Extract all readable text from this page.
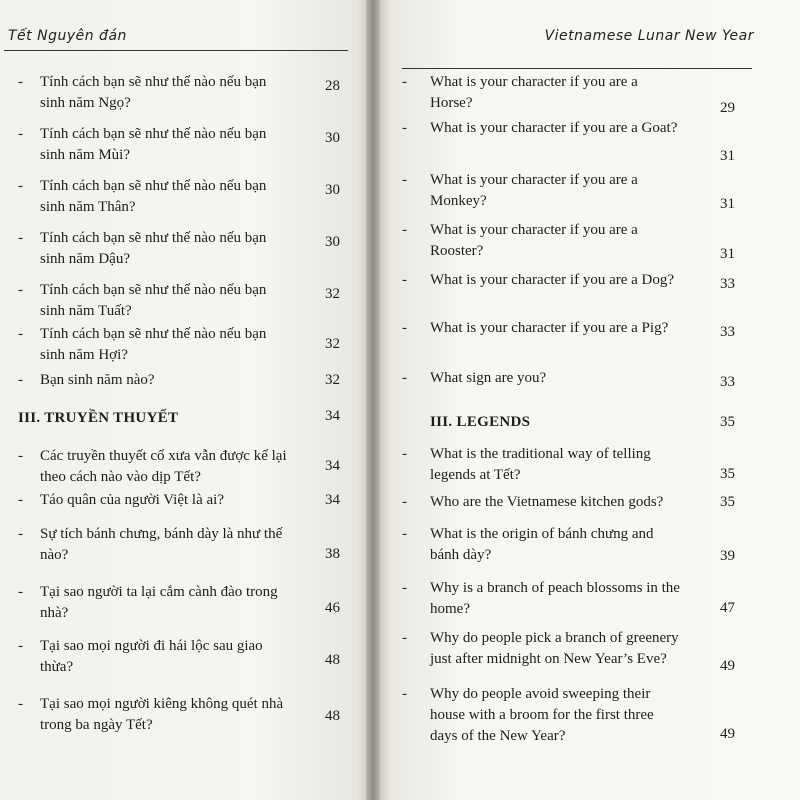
Tết Nguyên đán	Vietnamese Lunar New Year
- Tính cách bạn sẽ như thế nào nếu bạn
sinh năm Ngọ?
28
- Tính cách bạn sẽ như thế nào nếu bạn
sinh năm Mùi?
30
- Tính cách bạn sẽ như thế nào nếu bạn
sinh năm Thân?
30
- Tính cách bạn sẽ như thế nào nếu bạn
sinh năm Dậu?
30
- Tính cách bạn sẽ như thế nào nếu bạn
sinh năm Tuất?
32
- Tính cách bạn sẽ như thế nào nếu bạn
sinh năm Hợi?
32
- Bạn sinh năm nào?	32
III. TRUYỀN THUYẾT	34
- Các truyền thuyết cổ xưa vẫn được kể lại
theo cách nào vào dịp Tết?
34
- Táo quân của người Việt là ai?	34
- Sự tích bánh chưng, bánh dày là như thế
nào?	38
- Tại sao người ta lại cắm cành đào trong
nhà?	46
- Tại sao mọi người đi hái lộc sau giao
thừa?	48
- Tại sao mọi người kiêng không quét nhà
trong ba ngày Tết?
48
- What is your character if you are a
Horse?	29
- What is your character if you are a Goat?
31
- What is your character if you are a
Monkey?	31
- What is your character if you are a
Rooster?	31
- What is your character if you are a Dog?	33
- What is your character if you are a Pig?	33
- What sign are you?	33
III. LEGENDS	35
- What is the traditional way of telling
legends at Tết?	35
- Who are the Vietnamese kitchen gods?	35
- What is the origin of bánh chưng and
bánh dày?	39
- Why is a branch of peach blossoms in the
home?	47
- Why do people pick a branch of greenery
just after midnight on New Year’s Eve?	49
- Why do people avoid sweeping their
house with a broom for the first three
days of the New Year?	49
